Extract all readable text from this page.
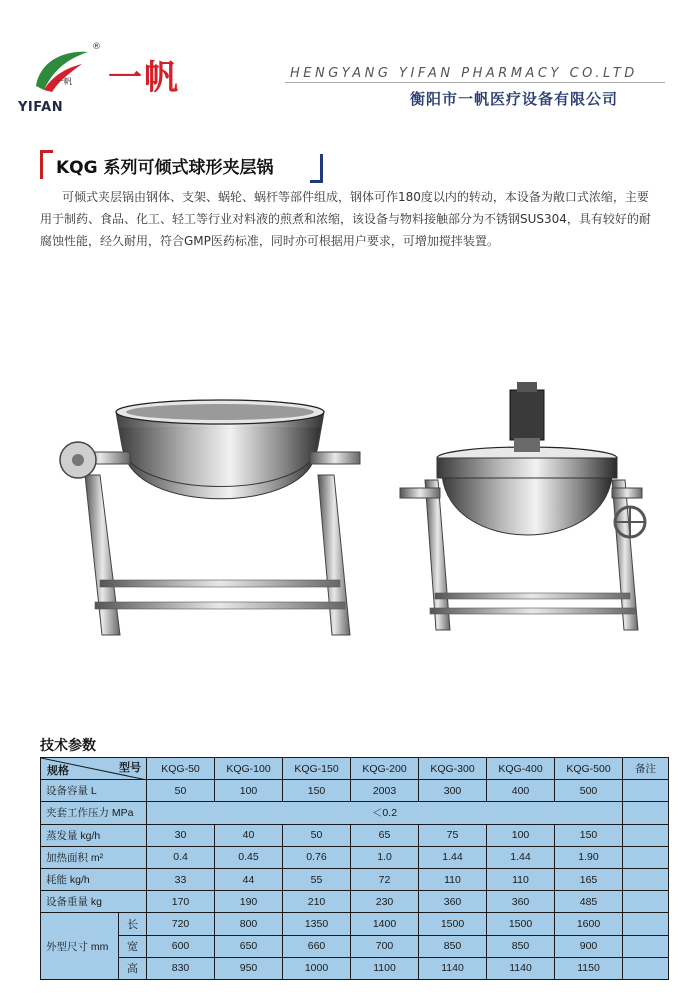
一帆
®
YIFAN
一帆	HENGYANG YIFAN PHARMACY CO.LTD
衡阳市一帆医疗设备有限公司
KQG 系列可倾式球形夹层锅
可倾式夹层锅由钢体、支架、蜗轮、蜗杆等部件组成，钢体可作180度以内的转动，本设备为敞口式浓缩，主要用于制药、食品、化工、轻工等行业对料液的煎煮和浓缩，该设备与物料接触部分为不锈钢SUS304，具有较好的耐腐蚀性能，经久耐用，符合GMP医药标准，同时亦可根据用户要求，可增加搅拌装置。
技术参数
型号
规格		KQG-50	KQG-100	KQG-150	KQG-200	KQG-300	KQG-400	KQG-500	备注
设备容量 L		50	100	150	2003	300	400	500	
夹套工作压力 MPa		＜0.2							
蒸发量 kg/h		30	40	50	65	75	100	150	
加热面积 m²		0.4	0.45	0.76	1.0	1.44	1.44	1.90	
耗能 kg/h		33	44	55	72	110	110	165	
设备重量 kg		170	190	210	230	360	360	485	
外型尺寸 mm	长	720	800	1350	1400	1500	1500	1600	
	宽	600	650	660	700	850	850	900	
	高	830	950	1000	1100	1140	1140	1150	
